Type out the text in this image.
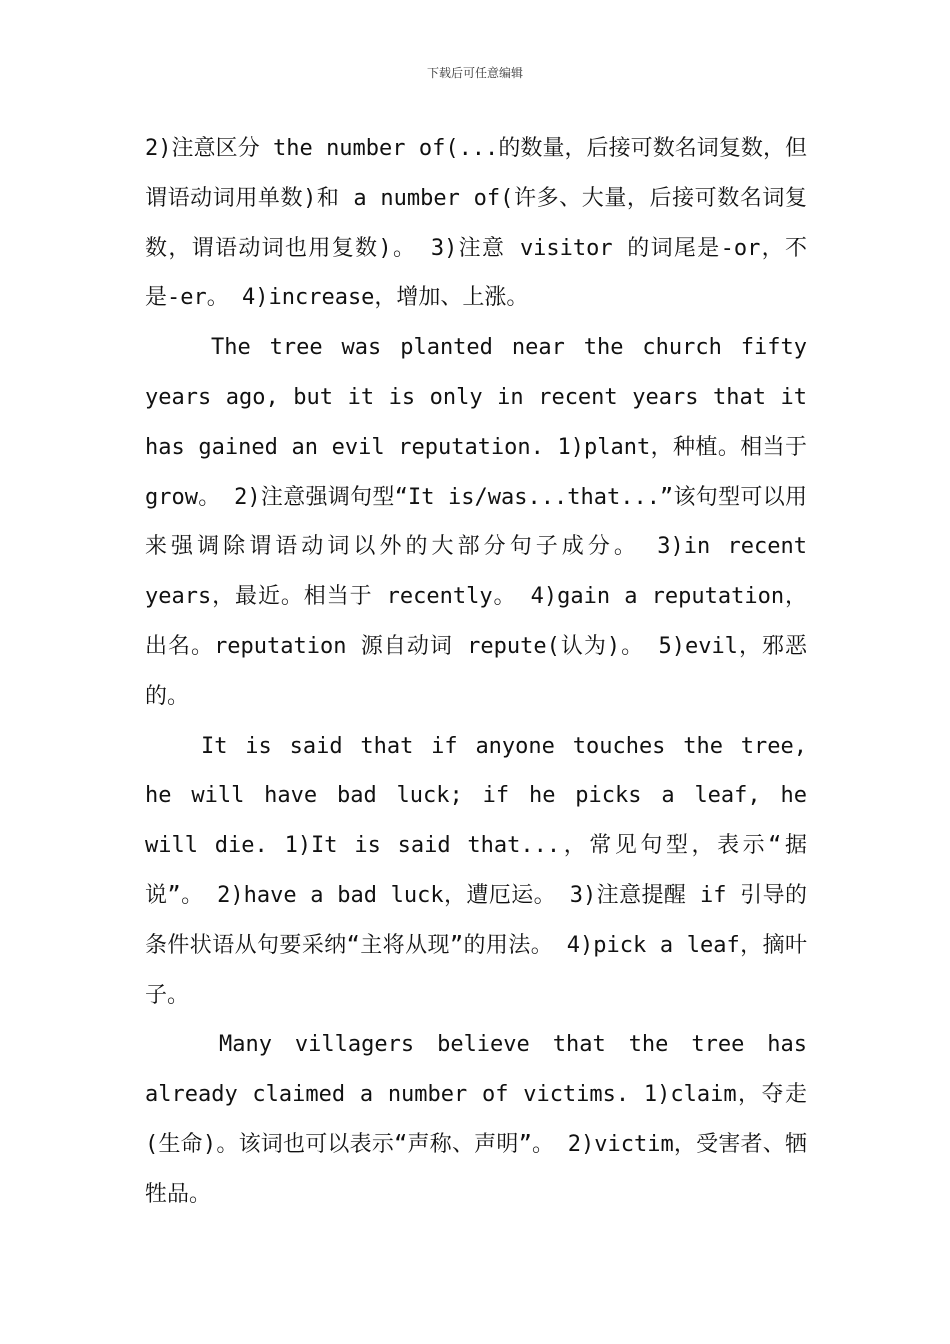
下载后可任意编辑

2)注意区分 the number of(...的数量，后接可数名词复数，但谓语动词用单数)和 a number of(许多、大量，后接可数名词复数，谓语动词也用复数)。 3)注意 visitor 的词尾是-or，不是-er。 4)increase，增加、上涨。

The tree was planted near the church fifty years ago, but it is only in recent years that it has gained an evil reputation. 1)plant，种植。相当于 grow。 2)注意强调句型“It is/was...that...”该句型可以用来强调除谓语动词以外的大部分句子成分。 3)in recent years，最近。相当于 recently。 4)gain a reputation，出名。reputation 源自动词 repute(认为)。 5)evil，邪恶的。

It is said that if anyone touches the tree, he will have bad luck; if he picks a leaf, he will die. 1)It is said that...，常见句型，表示“据说”。 2)have a bad luck，遭厄运。 3)注意提醒 if 引导的条件状语从句要采纳“主将从现”的用法。 4)pick a leaf，摘叶子。

Many villagers believe that the tree has already claimed a number of victims. 1)claim，夺走(生命)。该词也可以表示“声称、声明”。 2)victim，受害者、牺牲品。
